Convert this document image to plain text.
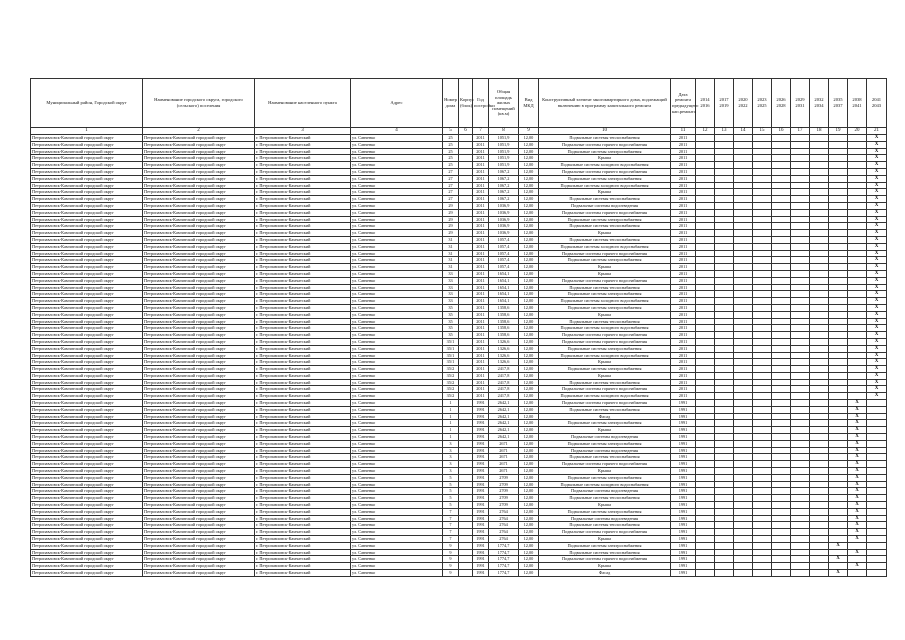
Муниципальный район, Городской округ	Наименование городского округа, городского (сельского) поселения	Наименование населенного пункта	Адрес	Номер дома	Корпус (блок)	Год постройки	Общая площадь жилых помещений (кв.м)	Вид МКД	Конструктивный элемент многоквартирного дома, подлежащий включению в программу капитального ремонта	Дата ремонта предыдущего кап.ремонта	2014 2016	2017 2019	2020 2022	2023 2025	2026 2028	2029 2031	2032 2034	2035 2037	2038 2041	2041 2043
1	2	3	4	5	6	7	8	9	10	11	12	13	14	15	16	17	18	19	20	21
Петропавловск-Камчатский городской округ	Петропавловск-Камчатский городской округ	г. Петропавловск-Камчатский	ул. Савченко	25		2011	1051,9	12,00	Подвальные системы теплоснабжения	2011										X
Петропавловск-Камчатский городской округ	Петропавловск-Камчатский городской округ	г. Петропавловск-Камчатский	ул. Савченко	25		2011	1051,9	12,00	Подвальные системы горячего водоснабжения	2011										X
Петропавловск-Камчатский городской округ	Петропавловск-Камчатский городской округ	г. Петропавловск-Камчатский	ул. Савченко	25		2011	1051,9	12,00	Подвальные системы электроснабжения	2011										X
Петропавловск-Камчатский городской округ	Петропавловск-Камчатский городской округ	г. Петропавловск-Камчатский	ул. Савченко	25		2011	1051,9	12,00	Крыша	2011										X
Петропавловск-Камчатский городской округ	Петропавловск-Камчатский городской округ	г. Петропавловск-Камчатский	ул. Савченко	25		2011	1051,9	12,00	Подвальные системы холодного водоснабжения	2011										X
Петропавловск-Камчатский городской округ	Петропавловск-Камчатский городской округ	г. Петропавловск-Камчатский	ул. Савченко	27		2011	1067,2	12,00	Подвальные системы горячего водоснабжения	2011										X
Петропавловск-Камчатский городской округ	Петропавловск-Камчатский городской округ	г. Петропавловск-Камчатский	ул. Савченко	27		2011	1067,2	12,00	Подвальные системы электроснабжения	2011										X
Петропавловск-Камчатский городской округ	Петропавловск-Камчатский городской округ	г. Петропавловск-Камчатский	ул. Савченко	27		2011	1067,2	12,00	Подвальные системы холодного водоснабжения	2011										X
Петропавловск-Камчатский городской округ	Петропавловск-Камчатский городской округ	г. Петропавловск-Камчатский	ул. Савченко	27		2011	1067,2	12,00	Крыша	2011										X
Петропавловск-Камчатский городской округ	Петропавловск-Камчатский городской округ	г. Петропавловск-Камчатский	ул. Савченко	27		2011	1067,2	12,00	Подвальные системы теплоснабжения	2011										X
Петропавловск-Камчатский городской округ	Петропавловск-Камчатский городской округ	г. Петропавловск-Камчатский	ул. Савченко	29		2011	1036,9	12,00	Подвальные системы водоотведения	2011										X
Петропавловск-Камчатский городской округ	Петропавловск-Камчатский городской округ	г. Петропавловск-Камчатский	ул. Савченко	29		2011	1036,9	12,00	Подвальные системы горячего водоснабжения	2011										X
Петропавловск-Камчатский городской округ	Петропавловск-Камчатский городской округ	г. Петропавловск-Камчатский	ул. Савченко	29		2011	1036,9	12,00	Подвальные системы электроснабжения	2011										X
Петропавловск-Камчатский городской округ	Петропавловск-Камчатский городской округ	г. Петропавловск-Камчатский	ул. Савченко	29		2011	1036,9	12,00	Подвальные системы теплоснабжения	2011										X
Петропавловск-Камчатский городской округ	Петропавловск-Камчатский городской округ	г. Петропавловск-Камчатский	ул. Савченко	29		2011	1036,9	12,00	Крыша	2011										X
Петропавловск-Камчатский городской округ	Петропавловск-Камчатский городской округ	г. Петропавловск-Камчатский	ул. Савченко	31		2011	1057,4	12,00	Подвальные системы теплоснабжения	2011										X
Петропавловск-Камчатский городской округ	Петропавловск-Камчатский городской округ	г. Петропавловск-Камчатский	ул. Савченко	31		2011	1057,4	12,00	Подвальные системы холодного водоснабжения	2011										X
Петропавловск-Камчатский городской округ	Петропавловск-Камчатский городской округ	г. Петропавловск-Камчатский	ул. Савченко	31		2011	1057,4	12,00	Подвальные системы горячего водоснабжения	2011										X
Петропавловск-Камчатский городской округ	Петропавловск-Камчатский городской округ	г. Петропавловск-Камчатский	ул. Савченко	31		2011	1057,4	12,00	Подвальные системы электроснабжения	2011										X
Петропавловск-Камчатский городской округ	Петропавловск-Камчатский городской округ	г. Петропавловск-Камчатский	ул. Савченко	31		2011	1057,4	12,00	Крыша	2011										X
Петропавловск-Камчатский городской округ	Петропавловск-Камчатский городской округ	г. Петропавловск-Камчатский	ул. Савченко	33		2011	1654,1	12,00	Крыша	2011										X
Петропавловск-Камчатский городской округ	Петропавловск-Камчатский городской округ	г. Петропавловск-Камчатский	ул. Савченко	33		2011	1654,1	12,00	Подвальные системы горячего водоснабжения	2011										X
Петропавловск-Камчатский городской округ	Петропавловск-Камчатский городской округ	г. Петропавловск-Камчатский	ул. Савченко	33		2011	1654,1	12,00	Подвальные системы теплоснабжения	2011										X
Петропавловск-Камчатский городской округ	Петропавловск-Камчатский городской округ	г. Петропавловск-Камчатский	ул. Савченко	33		2011	1654,1	12,00	Подвальные системы электроснабжения	2011										X
Петропавловск-Камчатский городской округ	Петропавловск-Камчатский городской округ	г. Петропавловск-Камчатский	ул. Савченко	33		2011	1654,1	12,00	Подвальные системы холодного водоснабжения	2011										X
Петропавловск-Камчатский городской округ	Петропавловск-Камчатский городской округ	г. Петропавловск-Камчатский	ул. Савченко	35		2011	1358,6	12,00	Подвальные системы электроснабжения	2011										X
Петропавловск-Камчатский городской округ	Петропавловск-Камчатский городской округ	г. Петропавловск-Камчатский	ул. Савченко	35		2011	1358,6	12,00	Крыша	2011										X
Петропавловск-Камчатский городской округ	Петропавловск-Камчатский городской округ	г. Петропавловск-Камчатский	ул. Савченко	35		2011	1358,6	12,00	Подвальные системы теплоснабжения	2011										X
Петропавловск-Камчатский городской округ	Петропавловск-Камчатский городской округ	г. Петропавловск-Камчатский	ул. Савченко	35		2011	1358,6	12,00	Подвальные системы холодного водоснабжения	2011										X
Петропавловск-Камчатский городской округ	Петропавловск-Камчатский городской округ	г. Петропавловск-Камчатский	ул. Савченко	35		2011	1358,6	12,00	Подвальные системы горячего водоснабжения	2011										X
Петропавловск-Камчатский городской округ	Петропавловск-Камчатский городской округ	г. Петропавловск-Камчатский	ул. Савченко	35/1		2011	1326,6	12,00	Подвальные системы горячего водоснабжения	2011										X
Петропавловск-Камчатский городской округ	Петропавловск-Камчатский городской округ	г. Петропавловск-Камчатский	ул. Савченко	35/1		2011	1326,6	12,00	Подвальные системы электроснабжения	2011										X
Петропавловск-Камчатский городской округ	Петропавловск-Камчатский городской округ	г. Петропавловск-Камчатский	ул. Савченко	35/1		2011	1326,6	12,00	Подвальные системы холодного водоснабжения	2011										X
Петропавловск-Камчатский городской округ	Петропавловск-Камчатский городской округ	г. Петропавловск-Камчатский	ул. Савченко	35/1		2011	1326,6	12,00	Крыша	2011										X
Петропавловск-Камчатский городской округ	Петропавловск-Камчатский городской округ	г. Петропавловск-Камчатский	ул. Савченко	35/2		2011	2417,8	12,00	Подвальные системы электроснабжения	2011										X
Петропавловск-Камчатский городской округ	Петропавловск-Камчатский городской округ	г. Петропавловск-Камчатский	ул. Савченко	35/2		2011	2417,8	12,00	Крыша	2011										X
Петропавловск-Камчатский городской округ	Петропавловск-Камчатский городской округ	г. Петропавловск-Камчатский	ул. Савченко	35/2		2011	2417,8	12,00	Подвальные системы теплоснабжения	2011										X
Петропавловск-Камчатский городской округ	Петропавловск-Камчатский городской округ	г. Петропавловск-Камчатский	ул. Савченко	35/2		2011	2417,8	12,00	Подвальные системы горячего водоснабжения	2011										X
Петропавловск-Камчатский городской округ	Петропавловск-Камчатский городской округ	г. Петропавловск-Камчатский	ул. Савченко	35/2		2011	2417,8	12,00	Подвальные системы холодного водоснабжения	2011										X
Петропавловск-Камчатский городской округ	Петропавловск-Камчатский городской округ	г. Петропавловск-Камчатский	ул. Савченко	1		1991	2642,1	12,00	Подвальные системы горячего водоснабжения	1991									X	
Петропавловск-Камчатский городской округ	Петропавловск-Камчатский городской округ	г. Петропавловск-Камчатский	ул. Савченко	1		1991	2642,1	12,00	Подвальные системы теплоснабжения	1991									X	
Петропавловск-Камчатский городской округ	Петропавловск-Камчатский городской округ	г. Петропавловск-Камчатский	ул. Савченко	1		1991	2642,1	12,00	Фасад	1991									X	
Петропавловск-Камчатский городской округ	Петропавловск-Камчатский городской округ	г. Петропавловск-Камчатский	ул. Савченко	1		1991	2642,1	12,00	Подвальные системы электроснабжения	1991									X	
Петропавловск-Камчатский городской округ	Петропавловск-Камчатский городской округ	г. Петропавловск-Камчатский	ул. Савченко	1		1991	2642,1	12,00	Крыша	1991									X	
Петропавловск-Камчатский городской округ	Петропавловск-Камчатский городской округ	г. Петропавловск-Камчатский	ул. Савченко	1		1991	2642,1	12,00	Подвальные системы водоотведения	1991									X	
Петропавловск-Камчатский городской округ	Петропавловск-Камчатский городской округ	г. Петропавловск-Камчатский	ул. Савченко	3		1991	2671	12,00	Подвальные системы электроснабжения	1991									X	
Петропавловск-Камчатский городской округ	Петропавловск-Камчатский городской округ	г. Петропавловск-Камчатский	ул. Савченко	3		1991	2671	12,00	Подвальные системы водоотведения	1991									X	
Петропавловск-Камчатский городской округ	Петропавловск-Камчатский городской округ	г. Петропавловск-Камчатский	ул. Савченко	3		1991	2671	12,00	Подвальные системы теплоснабжения	1991									X	
Петропавловск-Камчатский городской округ	Петропавловск-Камчатский городской округ	г. Петропавловск-Камчатский	ул. Савченко	3		1991	2671	12,00	Подвальные системы горячего водоснабжения	1991									X	
Петропавловск-Камчатский городской округ	Петропавловск-Камчатский городской округ	г. Петропавловск-Камчатский	ул. Савченко	3		1991	2671	12,00	Крыша	1991									X	
Петропавловск-Камчатский городской округ	Петропавловск-Камчатский городской округ	г. Петропавловск-Камчатский	ул. Савченко	5		1991	2709	12,00	Подвальные системы электроснабжения	1991									X	
Петропавловск-Камчатский городской округ	Петропавловск-Камчатский городской округ	г. Петропавловск-Камчатский	ул. Савченко	5		1991	2709	12,00	Подвальные системы холодного водоснабжения	1991									X	
Петропавловск-Камчатский городской округ	Петропавловск-Камчатский городской округ	г. Петропавловск-Камчатский	ул. Савченко	5		1991	2709	12,00	Подвальные системы водоотведения	1991									X	
Петропавловск-Камчатский городской округ	Петропавловск-Камчатский городской округ	г. Петропавловск-Камчатский	ул. Савченко	5		1991	2709	12,00	Подвальные системы теплоснабжения	1991									X	
Петропавловск-Камчатский городской округ	Петропавловск-Камчатский городской округ	г. Петропавловск-Камчатский	ул. Савченко	5		1991	2709	12,00	Крыша	1991									X	
Петропавловск-Камчатский городской округ	Петропавловск-Камчатский городской округ	г. Петропавловск-Камчатский	ул. Савченко	7		1991	2764	12,00	Подвальные системы электроснабжения	1991									X	
Петропавловск-Камчатский городской округ	Петропавловск-Камчатский городской округ	г. Петропавловск-Камчатский	ул. Савченко	7		1991	2764	12,00	Подвальные системы водоотведения	1991									X	
Петропавловск-Камчатский городской округ	Петропавловск-Камчатский городской округ	г. Петропавловск-Камчатский	ул. Савченко	7		1991	2764	12,00	Подвальные системы теплоснабжения	1991									X	
Петропавловск-Камчатский городской округ	Петропавловск-Камчатский городской округ	г. Петропавловск-Камчатский	ул. Савченко	7		1991	2764	12,00	Подвальные системы горячего водоснабжения	1991									X	
Петропавловск-Камчатский городской округ	Петропавловск-Камчатский городской округ	г. Петропавловск-Камчатский	ул. Савченко	7		1991	2764	12,00	Крыша	1991									X	
Петропавловск-Камчатский городской округ	Петропавловск-Камчатский городской округ	г. Петропавловск-Камчатский	ул. Савченко	9		1991	1774,7	12,00	Подвальные системы электроснабжения	1991								X		
Петропавловск-Камчатский городской округ	Петропавловск-Камчатский городской округ	г. Петропавловск-Камчатский	ул. Савченко	9		1991	1774,7	12,00	Подвальные системы теплоснабжения	1991									X	
Петропавловск-Камчатский городской округ	Петропавловск-Камчатский городской округ	г. Петропавловск-Камчатский	ул. Савченко	9		1991	1774,7	12,00	Подвальные системы горячего водоснабжения	1991								X		
Петропавловск-Камчатский городской округ	Петропавловск-Камчатский городской округ	г. Петропавловск-Камчатский	ул. Савченко	9		1991	1774,7	12,00	Крыша	1991									X	
Петропавловск-Камчатский городской округ	Петропавловск-Камчатский городской округ	г. Петропавловск-Камчатский	ул. Савченко	9		1991	1774,7	12,00	Фасад	1991								X		
